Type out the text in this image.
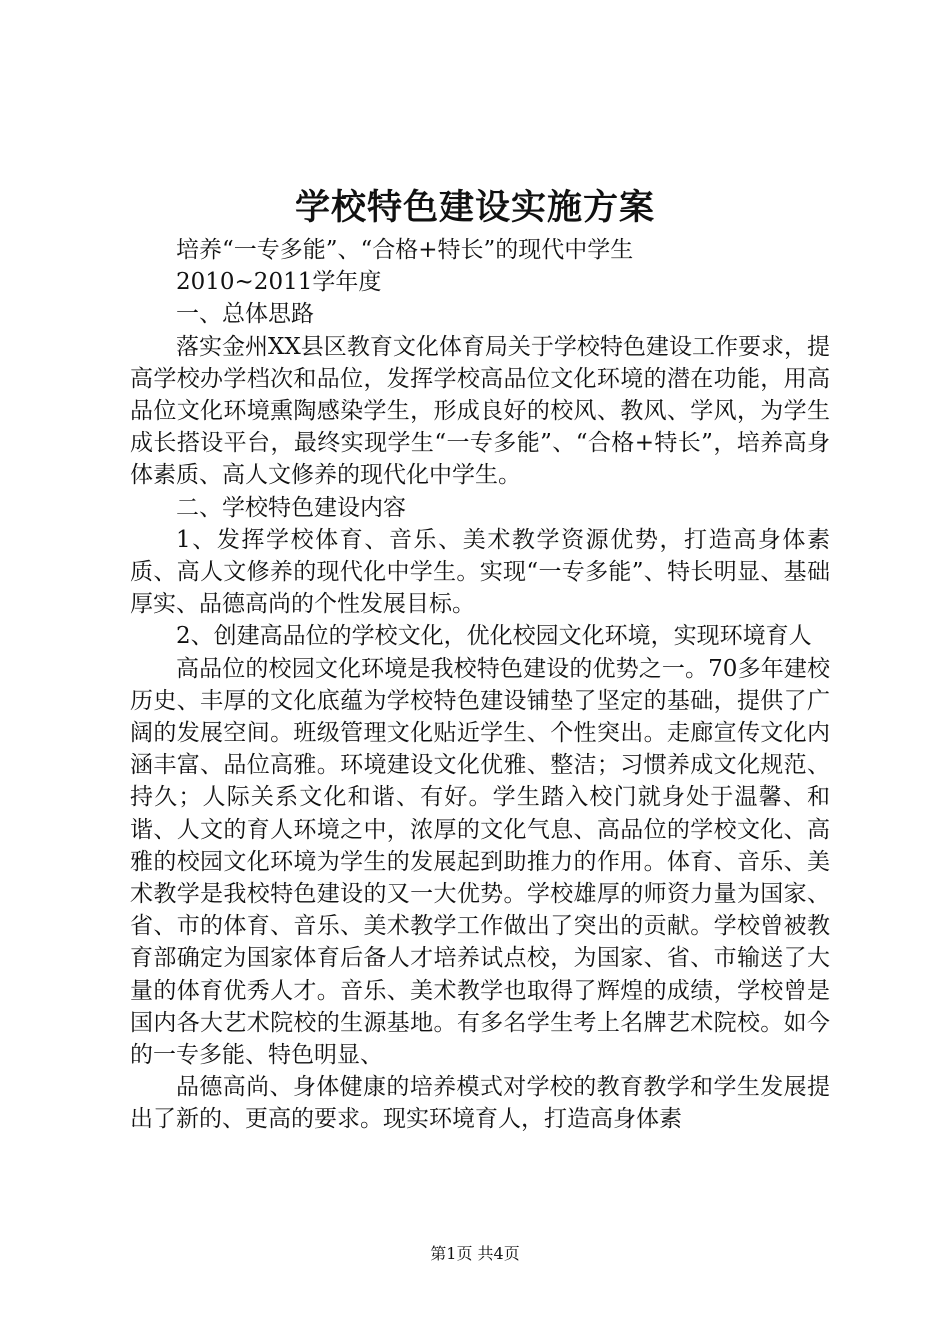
学校特色建设实施方案

培养“一专多能”、“合格+特长”的现代中学生

2010~2011学年度

一、总体思路

落实金州XX县区教育文化体育局关于学校特色建设工作要求，提高学校办学档次和品位，发挥学校高品位文化环境的潜在功能，用高品位文化环境熏陶感染学生，形成良好的校风、教风、学风，为学生成长搭设平台，最终实现学生“一专多能”、“合格+特长”，培养高身体素质、高人文修养的现代化中学生。

二、学校特色建设内容

1、发挥学校体育、音乐、美术教学资源优势，打造高身体素质、高人文修养的现代化中学生。实现“一专多能”、特长明显、基础厚实、品德高尚的个性发展目标。

2、创建高品位的学校文化，优化校园文化环境，实现环境育人

高品位的校园文化环境是我校特色建设的优势之一。70多年建校历史、丰厚的文化底蕴为学校特色建设铺垫了坚定的基础，提供了广阔的发展空间。班级管理文化贴近学生、个性突出。走廊宣传文化内涵丰富、品位高雅。环境建设文化优雅、整洁；习惯养成文化规范、持久；人际关系文化和谐、有好。学生踏入校门就身处于温馨、和谐、人文的育人环境之中，浓厚的文化气息、高品位的学校文化、高雅的校园文化环境为学生的发展起到助推力的作用。体育、音乐、美术教学是我校特色建设的又一大优势。学校雄厚的师资力量为国家、省、市的体育、音乐、美术教学工作做出了突出的贡献。学校曾被教育部确定为国家体育后备人才培养试点校，为国家、省、市输送了大量的体育优秀人才。音乐、美术教学也取得了辉煌的成绩，学校曾是国内各大艺术院校的生源基地。有多名学生考上名牌艺术院校。如今的一专多能、特色明显、

品德高尚、身体健康的培养模式对学校的教育教学和学生发展提出了新的、更高的要求。现实环境育人，打造高身体素

第1页 共4页
